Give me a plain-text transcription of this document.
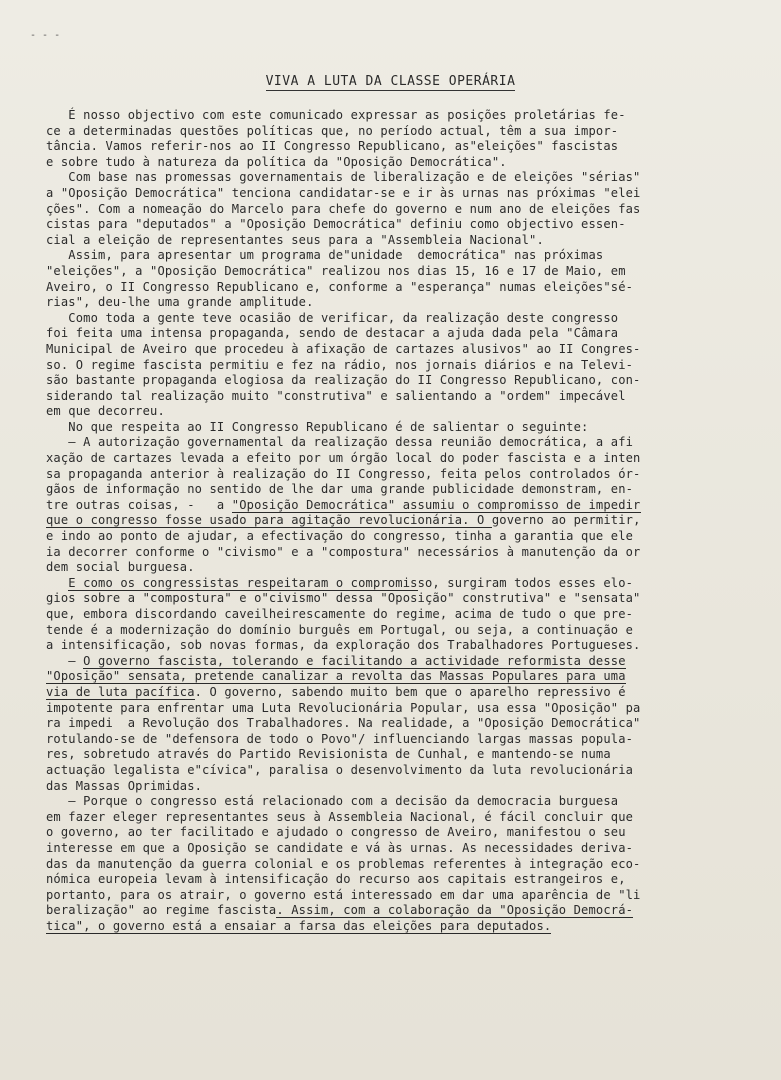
- - -
VIVA A LUTA DA CLASSE OPERÁRIA
É nosso objectivo com este comunicado expressar as posições proletárias fe-
ce a determinadas questões políticas que, no período actual, têm a sua impor-
tância. Vamos referir-nos ao II Congresso Republicano, as"eleições" fascistas
e sobre tudo à natureza da política da "Oposição Democrática".
Com base nas promessas governamentais de liberalização e de eleições "sérias"
a "Oposição Democrática" tenciona candidatar-se e ir às urnas nas próximas "elei
ções". Com a nomeação do Marcelo para chefe do governo e num ano de eleições fas
cistas para "deputados" a "Oposição Democrática" definiu como objectivo essen-
cial a eleição de representantes seus para a "Assembleia Nacional".
Assim, para apresentar um programa de"unidade  democrática" nas próximas
"eleições", a "Oposição Democrática" realizou nos dias 15, 16 e 17 de Maio, em
Aveiro, o II Congresso Republicano e, conforme a "esperança" numas eleições"sé-
rias", deu-lhe uma grande amplitude.
Como toda a gente teve ocasião de verificar, da realização deste congresso
foi feita uma intensa propaganda, sendo de destacar a ajuda dada pela "Câmara
Municipal de Aveiro que procedeu à afixação de cartazes alusivos" ao II Congres-
so. O regime fascista permitiu e fez na rádio, nos jornais diários e na Televi-
são bastante propaganda elogiosa da realização do II Congresso Republicano, con-
siderando tal realização muito "construtiva" e salientando a "ordem" impecável
em que decorreu.
No que respeita ao II Congresso Republicano é de salientar o seguinte:
— A autorização governamental da realização dessa reunião democrática, a afi
xação de cartazes levada a efeito por um órgão local do poder fascista e a inten
sa propaganda anterior à realização do II Congresso, feita pelos controlados ór-
gãos de informação no sentido de lhe dar uma grande publicidade demonstram, en-
tre outras coisas, -   a "Oposição Democrática" assumiu o compromisso de impedir
que o congresso fosse usado para agitação revolucionária. O governo ao permitir,
e indo ao ponto de ajudar, a efectivação do congresso, tinha a garantia que ele
ia decorrer conforme o "civismo" e a "compostura" necessários à manutenção da or
dem social burguesa.
E como os congressistas respeitaram o compromisso, surgiram todos esses elo-
gios sobre a "compostura" e o"civismo" dessa "Oposição" construtiva" e "sensata"
que, embora discordando caveilheirescamente do regime, acima de tudo o que pre-
tende é a modernização do domínio burguês em Portugal, ou seja, a continuação e
a intensificação, sob novas formas, da exploração dos Trabalhadores Portugueses.
— O governo fascista, tolerando e facilitando a actividade reformista desse
"Oposição" sensata, pretende canalizar a revolta das Massas Populares para uma
via de luta pacífica. O governo, sabendo muito bem que o aparelho repressivo é
impotente para enfrentar uma Luta Revolucionária Popular, usa essa "Oposição" pa
ra impedi  a Revolução dos Trabalhadores. Na realidade, a "Oposição Democrática"
rotulando-se de "defensora de todo o Povo"/ influenciando largas massas popula-
res, sobretudo através do Partido Revisionista de Cunhal, e mantendo-se numa
actuação legalista e"cívica", paralisa o desenvolvimento da luta revolucionária
das Massas Oprimidas.
— Porque o congresso está relacionado com a decisão da democracia burguesa
em fazer eleger representantes seus à Assembleia Nacional, é fácil concluir que
o governo, ao ter facilitado e ajudado o congresso de Aveiro, manifestou o seu
interesse em que a Oposição se candidate e vá às urnas. As necessidades deriva-
das da manutenção da guerra colonial e os problemas referentes à integração eco-
nómica europeia levam à intensificação do recurso aos capitais estrangeiros e,
portanto, para os atrair, o governo está interessado em dar uma aparência de "li
beralização" ao regime fascista. Assim, com a colaboração da "Oposição Democrá-
tica", o governo está a ensaiar a farsa das eleições para deputados.
